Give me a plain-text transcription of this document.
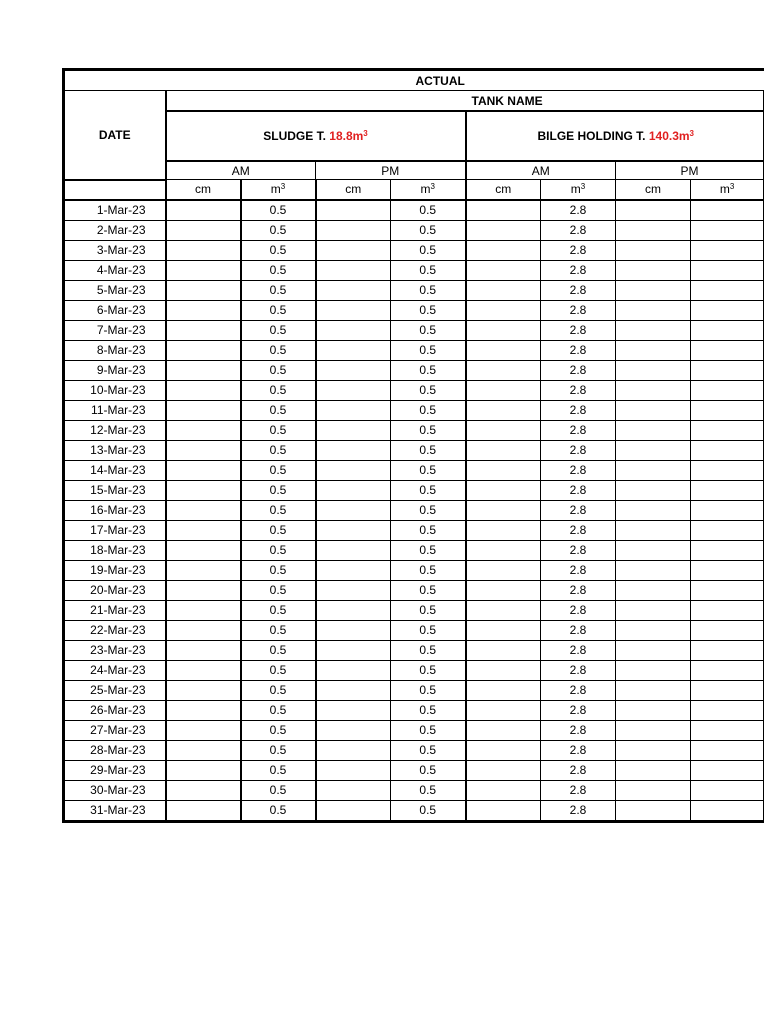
	ACTUAL							
DATE	TANK NAME							
	SLUDGE T. $18.8m^3$				BILGE HOLDING T. $140.3m^3$
	AM		PM		AM		PM	
	cm	$m^3$	cm	$m^3$	cm	$m^3$	cm	$m^3$
1-Mar-23		0.5		0.5		2.8		
2-Mar-23		0.5		0.5		2.8		
3-Mar-23		0.5		0.5		2.8		
4-Mar-23		0.5		0.5		2.8		
5-Mar-23		0.5		0.5		2.8		
6-Mar-23		0.5		0.5		2.8		
7-Mar-23		0.5		0.5		2.8		
8-Mar-23		0.5		0.5		2.8		
9-Mar-23		0.5		0.5		2.8		
10-Mar-23		0.5		0.5		2.8		
11-Mar-23		0.5		0.5		2.8		
12-Mar-23		0.5		0.5		2.8		
13-Mar-23		0.5		0.5		2.8		
14-Mar-23		0.5		0.5		2.8		
15-Mar-23		0.5		0.5		2.8		
16-Mar-23		0.5		0.5		2.8		
17-Mar-23		0.5		0.5		2.8		
18-Mar-23		0.5		0.5		2.8		
19-Mar-23		0.5		0.5		2.8		
20-Mar-23		0.5		0.5		2.8		
21-Mar-23		0.5		0.5		2.8		
22-Mar-23		0.5		0.5		2.8		
23-Mar-23		0.5		0.5		2.8		
24-Mar-23		0.5		0.5		2.8		
25-Mar-23		0.5		0.5		2.8		
26-Mar-23		0.5		0.5		2.8		
27-Mar-23		0.5		0.5		2.8		
28-Mar-23		0.5		0.5		2.8		
29-Mar-23		0.5		0.5		2.8		
30-Mar-23		0.5		0.5		2.8		
31-Mar-23		0.5		0.5		2.8		
